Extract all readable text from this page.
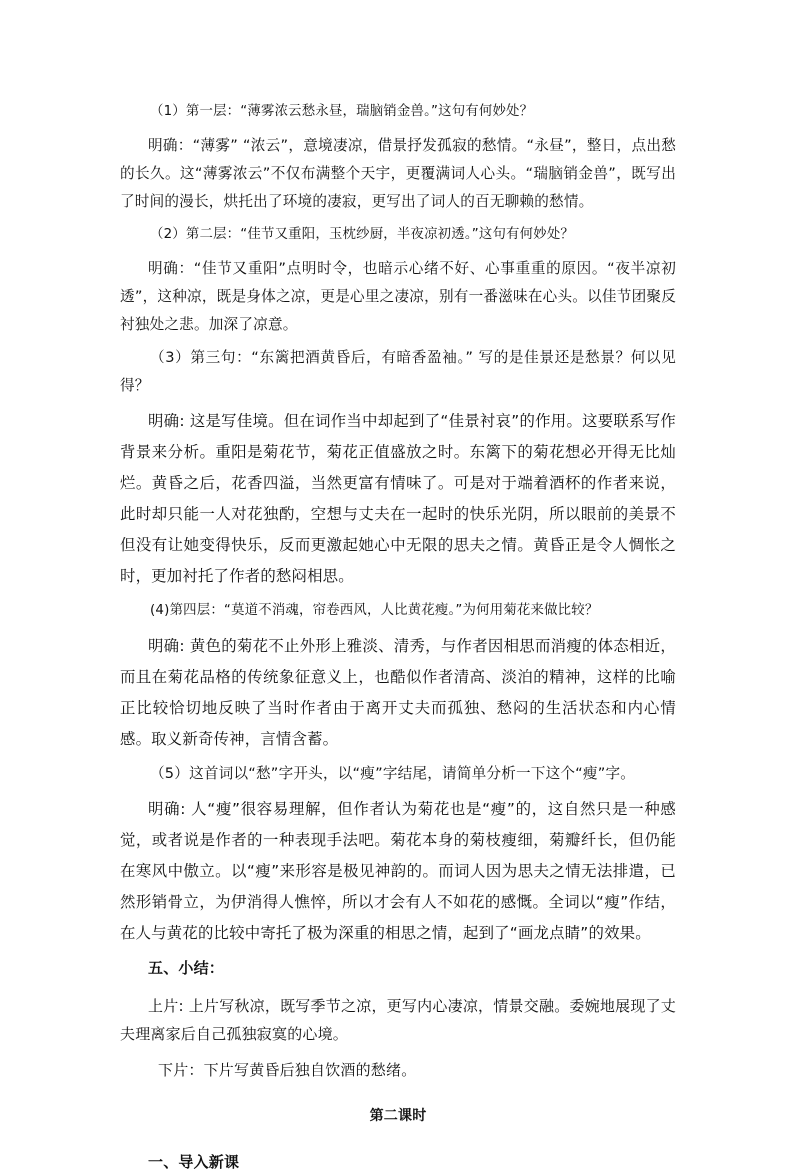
（1）第一层：“薄雾浓云愁永昼，瑞脑销金兽。”这句有何妙处？

明确：“薄雾” “浓云”，意境凄凉，借景抒发孤寂的愁情。“永昼”，整日，点出愁的长久。这“薄雾浓云”不仅布满整个天宇，更覆满词人心头。“瑞脑销金兽”，既写出了时间的漫长，烘托出了环境的凄寂，更写出了词人的百无聊赖的愁情。

（2）第二层：“佳节又重阳，玉枕纱厨，半夜凉初透。”这句有何妙处？

明确：“佳节又重阳”点明时令，也暗示心绪不好、心事重重的原因。“夜半凉初透”，这种凉，既是身体之凉，更是心里之凄凉，别有一番滋味在心头。以佳节团聚反衬独处之悲。加深了凉意。

（3）第三句：“东篱把酒黄昏后，有暗香盈袖。” 写的是佳景还是愁景？何以见得？

明确: 这是写佳境。但在词作当中却起到了“佳景衬哀”的作用。这要联系写作背景来分析。重阳是菊花节，菊花正值盛放之时。东篱下的菊花想必开得无比灿烂。黄昏之后，花香四溢，当然更富有情味了。可是对于端着酒杯的作者来说，此时却只能一人对花独酌，空想与丈夫在一起时的快乐光阴，所以眼前的美景不但没有让她变得快乐，反而更激起她心中无限的思夫之情。黄昏正是令人惆怅之时，更加衬托了作者的愁闷相思。

(4)第四层：“莫道不消魂，帘卷西风，人比黄花瘦。”为何用菊花来做比较？

明确: 黄色的菊花不止外形上雅淡、清秀，与作者因相思而消瘦的体态相近，而且在菊花品格的传统象征意义上，也酷似作者清高、淡泊的精神，这样的比喻正比较恰切地反映了当时作者由于离开丈夫而孤独、愁闷的生活状态和内心情感。取义新奇传神，言情含蓄。

（5）这首词以“愁”字开头，以“瘦”字结尾，请简单分析一下这个“瘦”字。

明确: 人“瘦”很容易理解，但作者认为菊花也是“瘦”的，这自然只是一种感觉，或者说是作者的一种表现手法吧。菊花本身的菊枝瘦细，菊瓣纤长，但仍能在寒风中傲立。以“瘦”来形容是极见神韵的。而词人因为思夫之情无法排遣，已然形销骨立，为伊消得人憔悴，所以才会有人不如花的感慨。全词以“瘦”作结，在人与黄花的比较中寄托了极为深重的相思之情，起到了“画龙点睛”的效果。

五、小结：

上片: 上片写秋凉，既写季节之凉，更写内心凄凉，情景交融。委婉地展现了丈夫理离家后自己孤独寂寞的心境。

下片：下片写黄昏后独自饮酒的愁绪。

第二课时

一、导入新课
